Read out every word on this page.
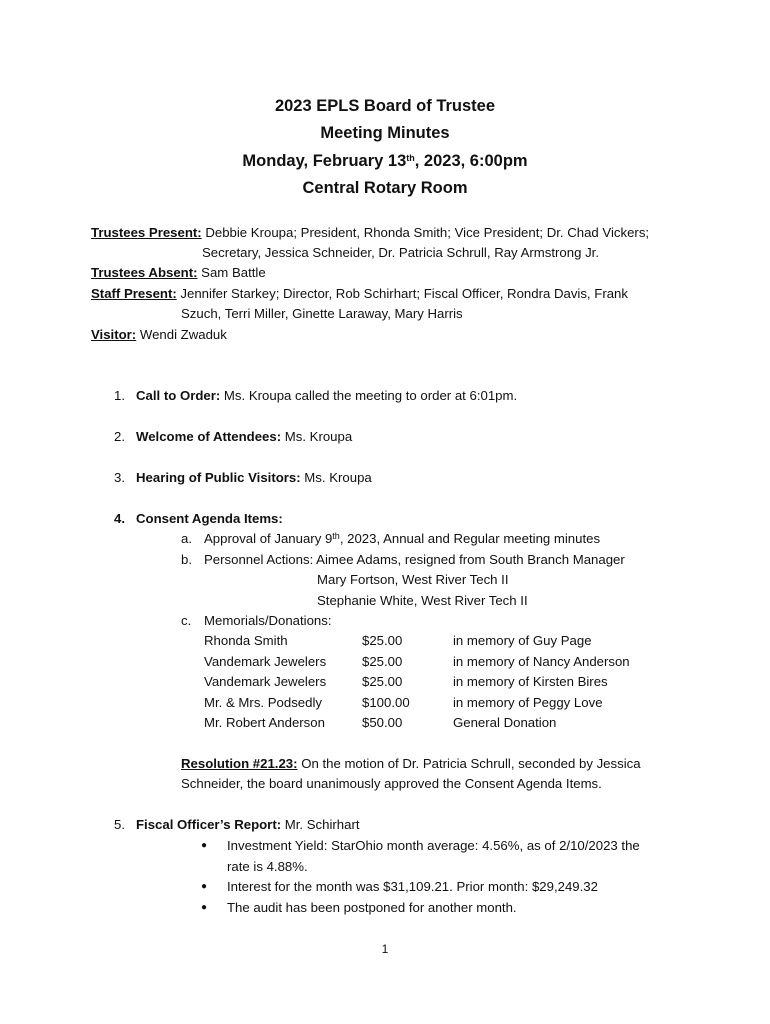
2023 EPLS Board of Trustee
Meeting Minutes
Monday, February 13th, 2023, 6:00pm
Central Rotary Room
Trustees Present: Debbie Kroupa; President, Rhonda Smith; Vice President; Dr. Chad Vickers;
Secretary, Jessica Schneider, Dr. Patricia Schrull, Ray Armstrong Jr.
Trustees Absent: Sam Battle
Staff Present: Jennifer Starkey; Director, Rob Schirhart; Fiscal Officer, Rondra Davis, Frank
Szuch, Terri Miller, Ginette Laraway, Mary Harris
Visitor: Wendi Zwaduk
1. Call to Order: Ms. Kroupa called the meeting to order at 6:01pm.
2. Welcome of Attendees: Ms. Kroupa
3. Hearing of Public Visitors: Ms. Kroupa
4. Consent Agenda Items:
a. Approval of January 9th, 2023, Annual and Regular meeting minutes
b. Personnel Actions: Aimee Adams, resigned from South Branch Manager
Mary Fortson, West River Tech II
Stephanie White, West River Tech II
c. Memorials/Donations:
Rhonda Smith	$25.00	in memory of Guy Page
Vandemark Jewelers	$25.00	in memory of Nancy Anderson
Vandemark Jewelers	$25.00	in memory of Kirsten Bires
Mr. & Mrs. Podsedly	$100.00	in memory of Peggy Love
Mr. Robert Anderson	$50.00	General Donation
Resolution #21.23: On the motion of Dr. Patricia Schrull, seconded by Jessica
Schneider, the board unanimously approved the Consent Agenda Items.
5. Fiscal Officer’s Report: Mr. Schirhart
● Investment Yield: StarOhio month average: 4.56%, as of 2/10/2023 the
rate is 4.88%.
● Interest for the month was $31,109.21. Prior month: $29,249.32
● The audit has been postponed for another month.
1
